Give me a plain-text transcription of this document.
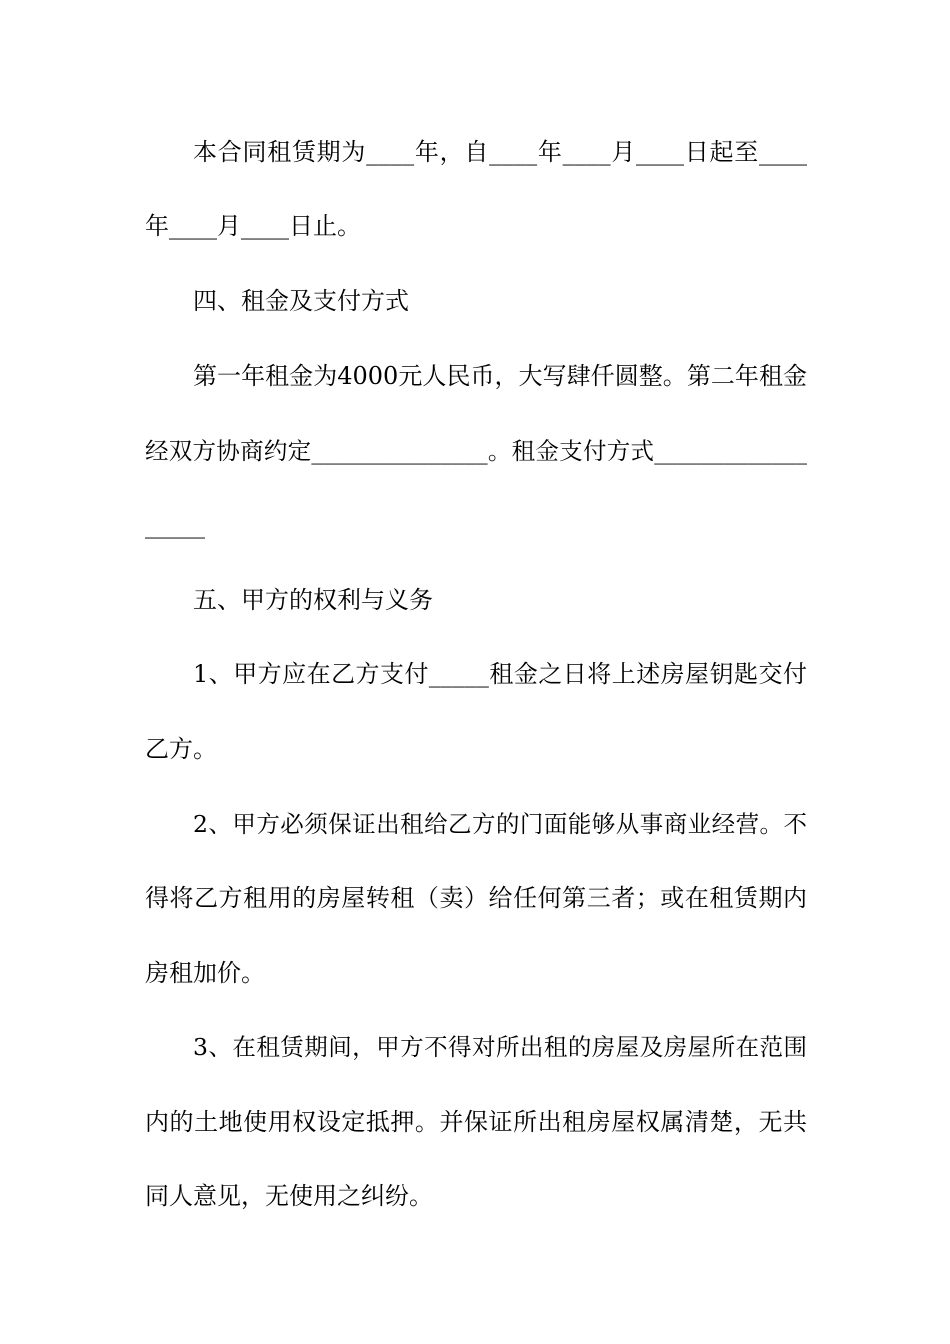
本合同租赁期为____年，自____年____月____日起至____
年____月____日止。
四、租金及支付方式
第一年租金为4000元人民币，大写肆仟圆整。第二年租金
经双方协商约定_______________。租金支付方式_____________
_____
五、甲方的权利与义务
1、甲方应在乙方支付_____租金之日将上述房屋钥匙交付
乙方。
2、甲方必须保证出租给乙方的门面能够从事商业经营。不
得将乙方租用的房屋转租（卖）给任何第三者；或在租赁期内
房租加价。
3、在租赁期间，甲方不得对所出租的房屋及房屋所在范围
内的土地使用权设定抵押。并保证所出租房屋权属清楚，无共
同人意见，无使用之纠纷。
